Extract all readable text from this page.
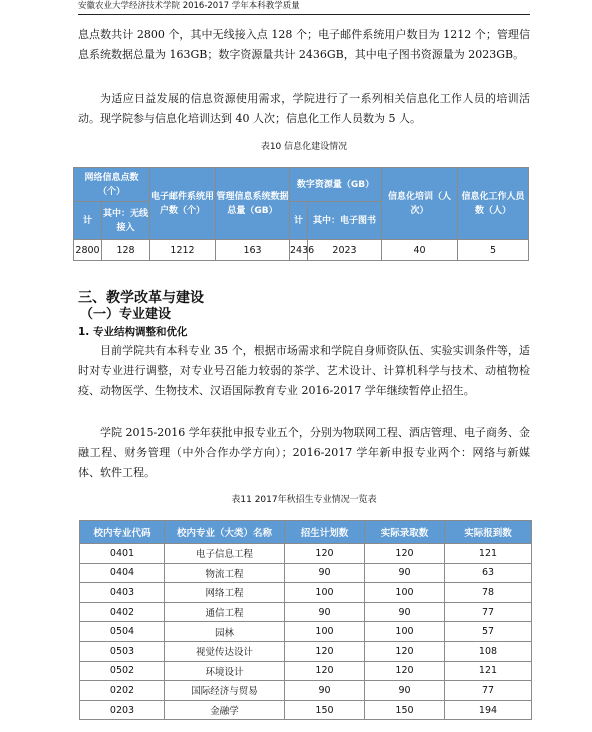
安徽农业大学经济技术学院 2016-2017 学年本科教学质量

息点数共计 2800 个，其中无线接入点 128 个；电子邮件系统用户数目为 1212 个；管理信息系统数据总量为 163GB；数字资源量共计 2436GB，其中电子图书资源量为 2023GB。

为适应日益发展的信息资源使用需求，学院进行了一系列相关信息化工作人员的培训活动。现学院参与信息化培训达到 40 人次；信息化工作人员数为 5 人。

表10 信息化建设情况
网络信息点数（个）		电子邮件系统用户数（个）	管理信息系统数据总量（GB）	数字资源量（GB）		信息化培训（人次）	信息化工作人员数（人）
计	其中：无线接入			计	其中：电子图书		
2800	128	1212	163	2436	2023	40	5
三、教学改革与建设
（一）专业建设
1. 专业结构调整和优化

目前学院共有本科专业 35 个，根据市场需求和学院自身师资队伍、实验实训条件等，适时对专业进行调整，对专业号召能力较弱的茶学、艺术设计、计算机科学与技术、动植物检疫、动物医学、生物技术、汉语国际教育专业 2016-2017 学年继续暂停止招生。

学院 2015-2016 学年获批申报专业五个，分别为物联网工程、酒店管理、电子商务、金融工程、财务管理（中外合作办学方向）；2016-2017 学年新申报专业两个：网络与新媒体、软件工程。

表11 2017年秋招生专业情况一览表
校内专业代码	校内专业（大类）名称	招生计划数	实际录取数	实际报到数
0401	电子信息工程	120	120	121
0404	物流工程	90	90	63
0403	网络工程	100	100	78
0402	通信工程	90	90	77
0504	园林	100	100	57
0503	视觉传达设计	120	120	108
0502	环境设计	120	120	121
0202	国际经济与贸易	90	90	77
0203	金融学	150	150	194
